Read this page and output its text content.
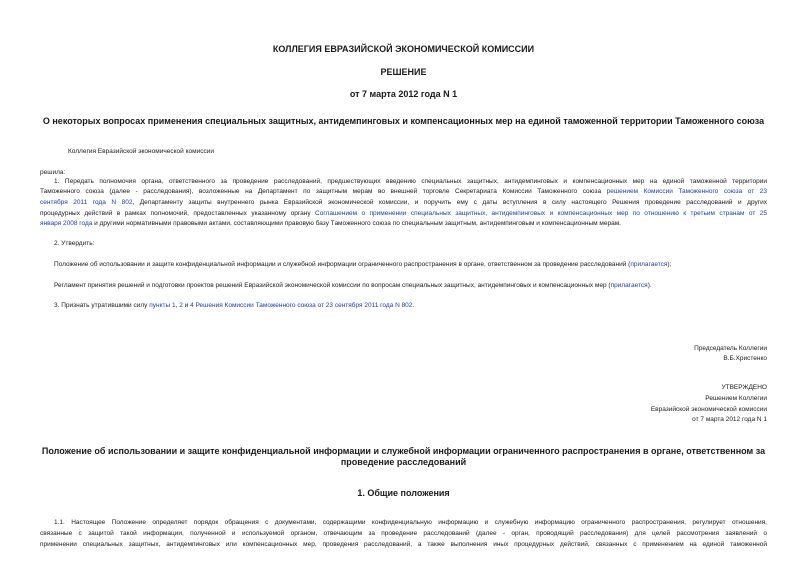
КОЛЛЕГИЯ ЕВРАЗИЙСКОЙ ЭКОНОМИЧЕСКОЙ КОМИССИИ
РЕШЕНИЕ
от 7 марта 2012 года N 1
О некоторых вопросах применения специальных защитных, антидемпинговых и компенсационных мер на единой таможенной территории Таможенного союза
Коллегия Евразийской экономической комиссии
решила:
1. Передать полномочия органа, ответственного за проведение расследований, предшествующих введению специальных защитных, антидемпинговых и компенсационных мер на единой таможенной территории
Таможенного союза (далее - расследования), возложенные на Департамент по защитным мерам во внешней торговле Секретариата Комиссии Таможенного союза решением Комиссии Таможенного союза от 23
сентября 2011 года N 802, Департаменту защиты внутреннего рынка Евразийской экономической комиссии, и поручить ему с даты вступления в силу настоящего Решения проведение расследований и других
процедурных действий в рамках полномочий, предоставленных указанному органу Соглашением о применении специальных защитных, антидемпинговых и компенсационных мер по отношению к третьим странам от 25
января 2008 года и другими нормативными правовыми актами, составляющими правовую базу Таможенного союза по специальным защитным, антидемпинговым и компенсационным мерам.
2. Утвердить:
Положение об использовании и защите конфиденциальной информации и служебной информации ограниченного распространения в органе, ответственном за проведение расследований (прилагается);
Регламент принятия решений и подготовки проектов решений Евразийской экономической комиссии по вопросам специальных защитных, антидемпинговых и компенсационных мер (прилагается).
3. Признать утратившими силу пункты 1, 2 и 4 Решения Комиссии Таможенного союза от 23 сентября 2011 года N 802.
Председатель Коллегии
В.Б.Христенко
УТВЕРЖДЕНО
Решением Коллегии
Евразийской экономической комиссии
от 7 марта 2012 года N 1
Положение об использовании и защите конфиденциальной информации и служебной информации ограниченного распространения в органе, ответственном за
проведение расследований
1. Общие положения
1.1. Настоящее Положение определяет порядок обращения с документами, содержащими конфиденциальную информацию и служебную информацию ограниченного распространения, регулирует отношения,
связанные с защитой такой информации, полученной и используемой органом, отвечающим за проведение расследований (далее - орган, проводящий расследования) для целей рассмотрения заявлений о
применении специальных защитных, антидемпинговых или компенсационных мер, проведения расследований, а также выполнения иных процедурных действий, связанных с применением на единой таможенной
